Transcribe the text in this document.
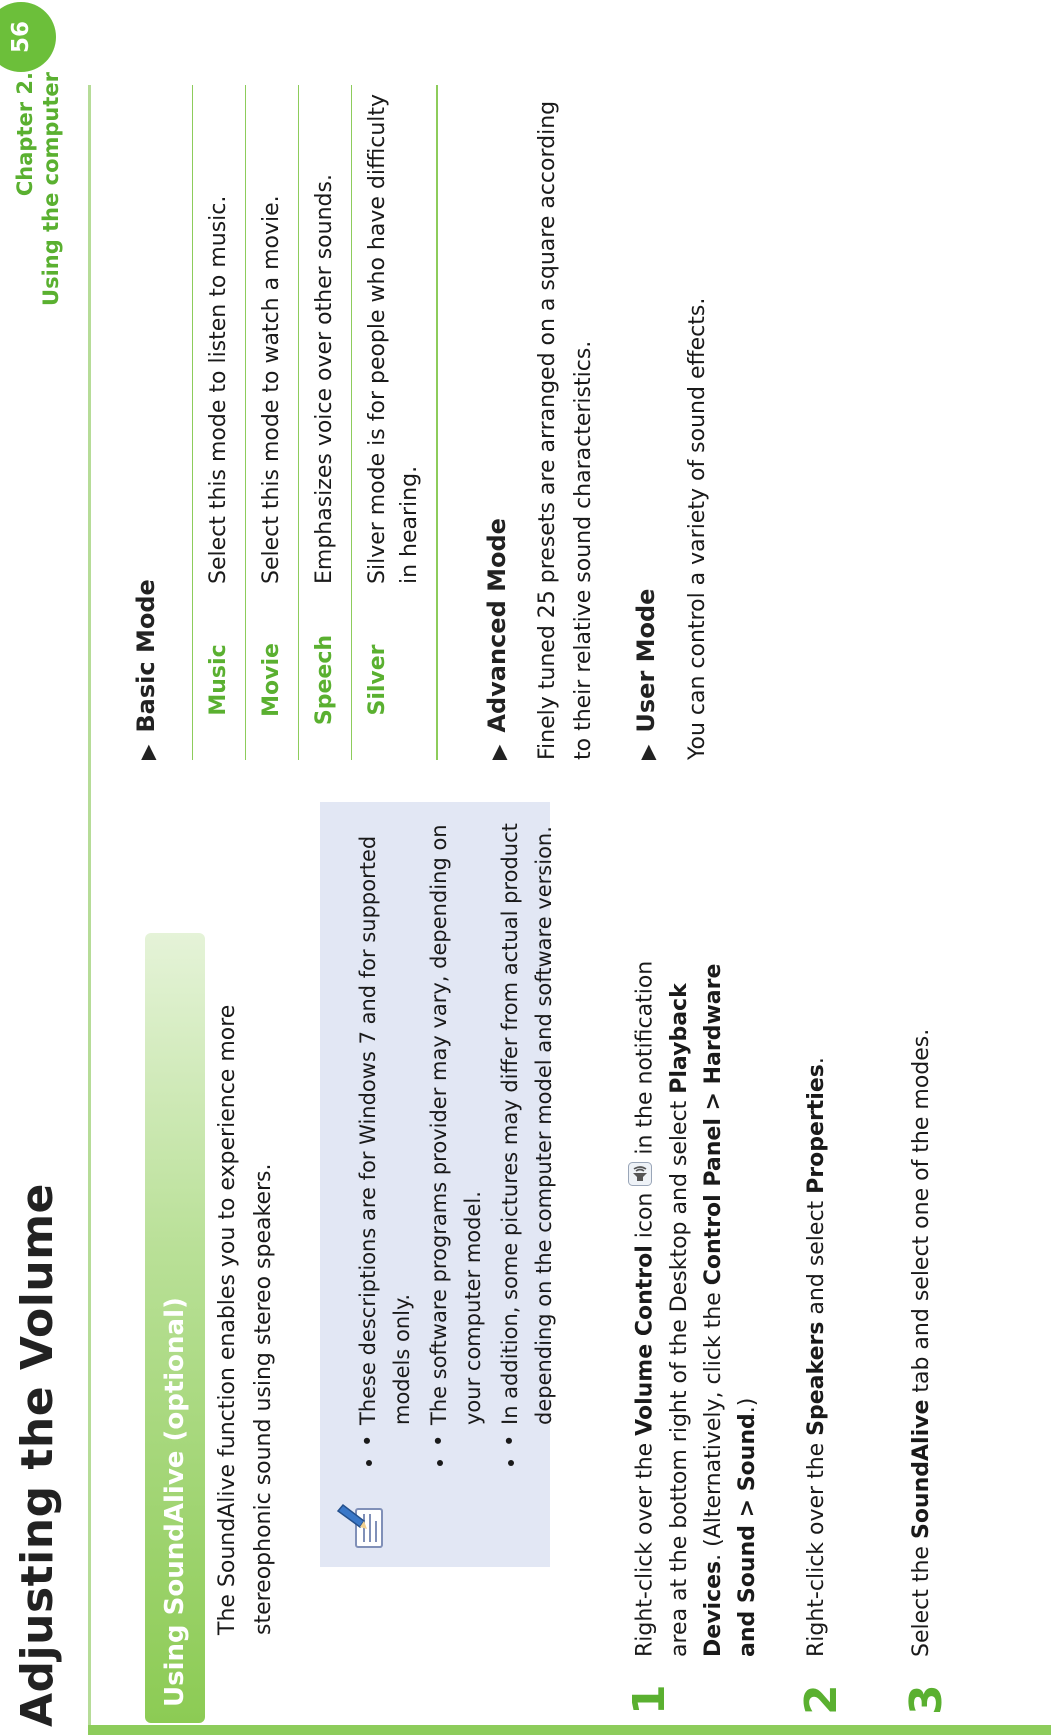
Adjusting the Volume
Chapter 2. Using the computer
56
Using SoundAlive (optional)	The SoundAlive function enables you to experience more stereophonic sound using stereo speakers.	• • These descriptions are for Windows 7 and for supported models only. • • The software programs provider may vary, depending on your computer model. • • In addition, some pictures may differ from actual product depending on the computer model and software version.
1
Right-click over the Volume Control icon  in the notification area at the bottom right of the Desktop and select Playback Devices. (Alternatively, click the Control Panel > Hardware and Sound > Sound.)
2
Right-click over the Speakers and select Properties.
3
Select the SoundAlive tab and select one of the modes.
▶Basic Mode Music	Select this mode to listen to music.
Movie	Select this mode to watch a movie.
Speech	Emphasizes voice over other sounds.
Silver	Silver mode is for people who have difficulty in hearing.
▶Advanced Mode Finely tuned 25 presets are arranged on a square according to their relative sound characteristics.	▶User Mode You can control a variety of sound effects.
